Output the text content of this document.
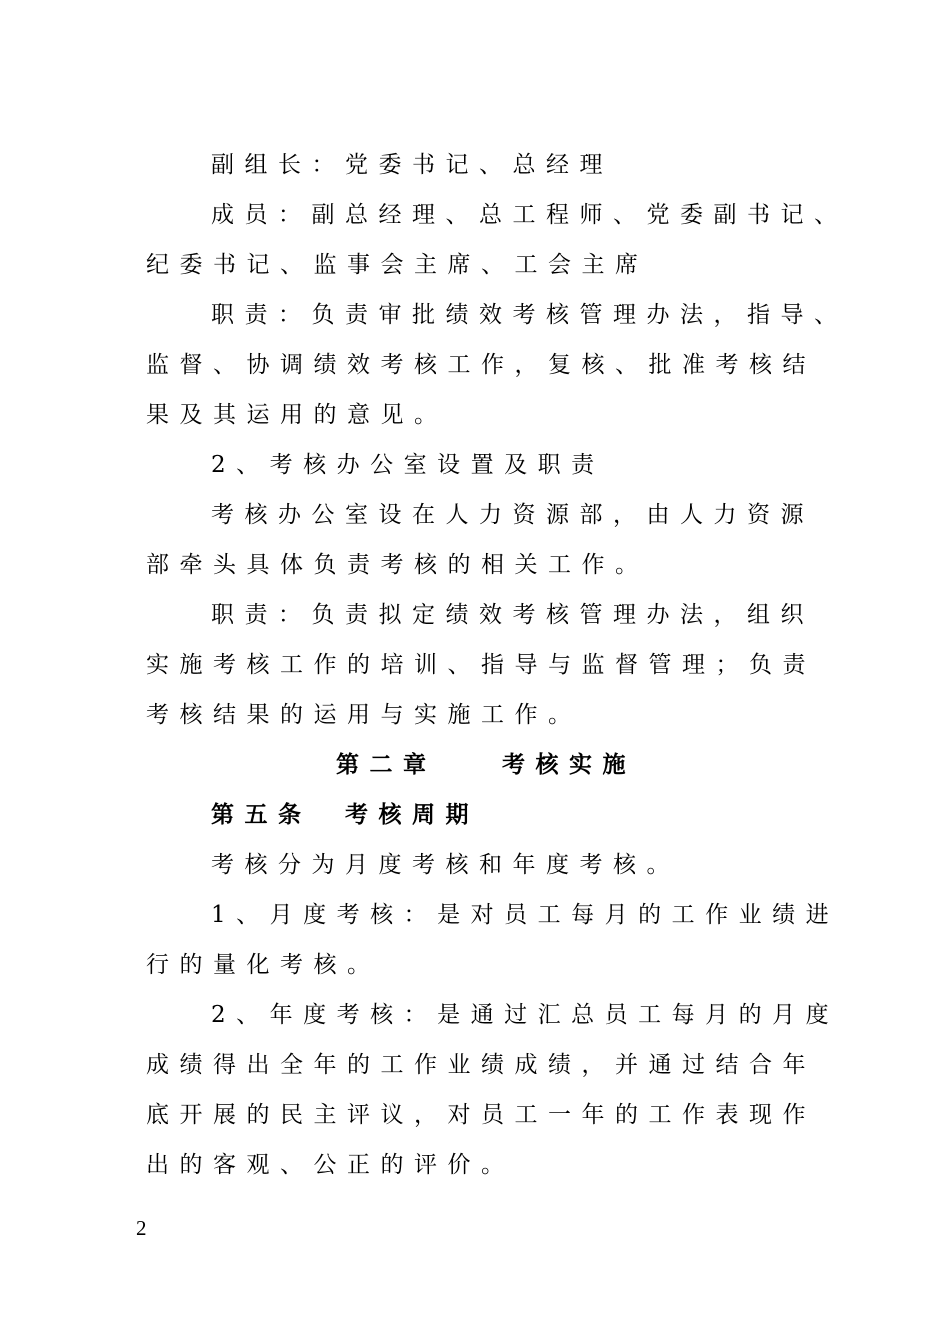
副组长：党委书记、总经理
成员：副总经理、总工程师、党委副书记、
纪委书记、监事会主席、工会主席
职责：负责审批绩效考核管理办法，指导、
监督、协调绩效考核工作，复核、批准考核结
果及其运用的意见。
2、考核办公室设置及职责
考核办公室设在人力资源部，由人力资源
部牵头具体负责考核的相关工作。
职责：负责拟定绩效考核管理办法，组织
实施考核工作的培训、指导与监督管理；负责
考核结果的运用与实施工作。
第二章	考核实施
第五条　考核周期
考核分为月度考核和年度考核。
1、月度考核：是对员工每月的工作业绩进
行的量化考核。
2、年度考核：是通过汇总员工每月的月度
成绩得出全年的工作业绩成绩，并通过结合年
底开展的民主评议，对员工一年的工作表现作
出的客观、公正的评价。
2
